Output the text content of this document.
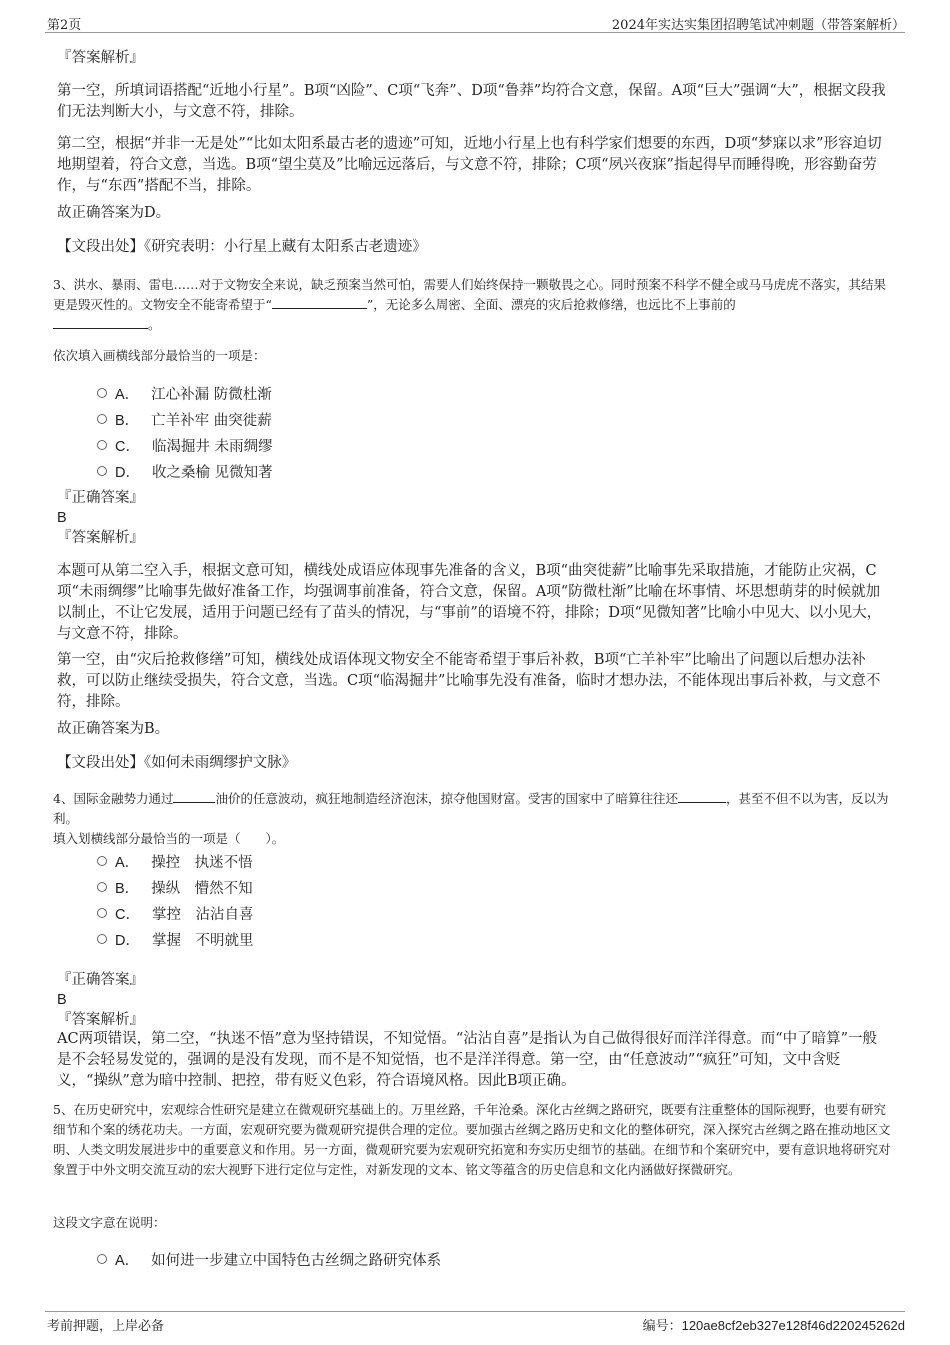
第2页	2024年实达实集团招聘笔试冲刺题（带答案解析）
『答案解析』
第一空，所填词语搭配“近地小行星”。B项“凶险”、C项“飞奔”、D项“鲁莽”均符合文意，保留。A项“巨大”强调“大”，根据文段我们无法判断大小，与文意不符，排除。
第二空，根据“并非一无是处”“比如太阳系最古老的遗迹”可知，近地小行星上也有科学家们想要的东西，D项“梦寐以求”形容迫切地期望着，符合文意，当选。B项“望尘莫及”比喻远远落后，与文意不符，排除；C项“夙兴夜寐”指起得早而睡得晚，形容勤奋劳作，与“东西”搭配不当，排除。
故正确答案为D。
【文段出处】《研究表明：小行星上藏有太阳系古老遗迹》
3、洪水、暴雨、雷电……对于文物安全来说，缺乏预案当然可怕，需要人们始终保持一颗敬畏之心。同时预案不科学不健全或马马虎虎不落实，其结果更是毁灭性的。文物安全不能寄希望于“	”，无论多么周密、全面、漂亮的灾后抢救修缮，也远比不上事前的
。
依次填入画横线部分最恰当的一项是：
A． 江心补漏 防微杜渐
B． 亡羊补牢 曲突徙薪
C． 临渴掘井 未雨绸缪
D． 收之桑榆 见微知著
『正确答案』
B
『答案解析』
本题可从第二空入手，根据文意可知，横线处成语应体现事先准备的含义，B项“曲突徙薪”比喻事先采取措施，才能防止灾祸，C项“未雨绸缪”比喻事先做好准备工作，均强调事前准备，符合文意，保留。A项“防微杜渐”比喻在坏事情、坏思想萌芽的时候就加以制止，不让它发展，适用于问题已经有了苗头的情况，与“事前”的语境不符，排除；D项“见微知著”比喻小中见大、以小见大，与文意不符，排除。
第一空，由“灾后抢救修缮”可知，横线处成语体现文物安全不能寄希望于事后补救，B项“亡羊补牢”比喻出了问题以后想办法补救，可以防止继续受损失，符合文意，当选。C项“临渴掘井”比喻事先没有准备，临时才想办法，不能体现出事后补救，与文意不符，排除。
故正确答案为B。
【文段出处】《如何未雨绸缪护文脉》
4、国际金融势力通过	油价的任意波动，疯狂地制造经济泡沫，掠夺他国财富。受害的国家中了暗算往往还	，甚至不但不以为害，反以为利。
填入划横线部分最恰当的一项是（　　）。
A． 操控　执迷不悟
B． 操纵　懵然不知
C． 掌控　沾沾自喜
D． 掌握　不明就里
『正确答案』
B
『答案解析』
AC两项错误，第二空，“执迷不悟”意为坚持错误，不知觉悟。“沾沾自喜”是指认为自己做得很好而洋洋得意。而“中了暗算”一般是不会轻易发觉的，强调的是没有发现，而不是不知觉悟，也不是洋洋得意。第一空，由“任意波动”“疯狂”可知，文中含贬义，“操纵”意为暗中控制、把控，带有贬义色彩，符合语境风格。因此B项正确。
5、在历史研究中，宏观综合性研究是建立在微观研究基础上的。万里丝路，千年沧桑。深化古丝绸之路研究，既要有注重整体的国际视野，也要有研究细节和个案的绣花功夫。一方面，宏观研究要为微观研究提供合理的定位。要加强古丝绸之路历史和文化的整体研究，深入探究古丝绸之路在推动地区文明、人类文明发展进步中的重要意义和作用。另一方面，微观研究要为宏观研究拓宽和夯实历史细节的基础。在细节和个案研究中，要有意识地将研究对象置于中外文明交流互动的宏大视野下进行定位与定性，对新发现的文本、铭文等蕴含的历史信息和文化内涵做好探微研究。
这段文字意在说明：
A． 如何进一步建立中国特色古丝绸之路研究体系
考前押题，上岸必备	编号：120ae8cf2eb327e128f46d220245262d
